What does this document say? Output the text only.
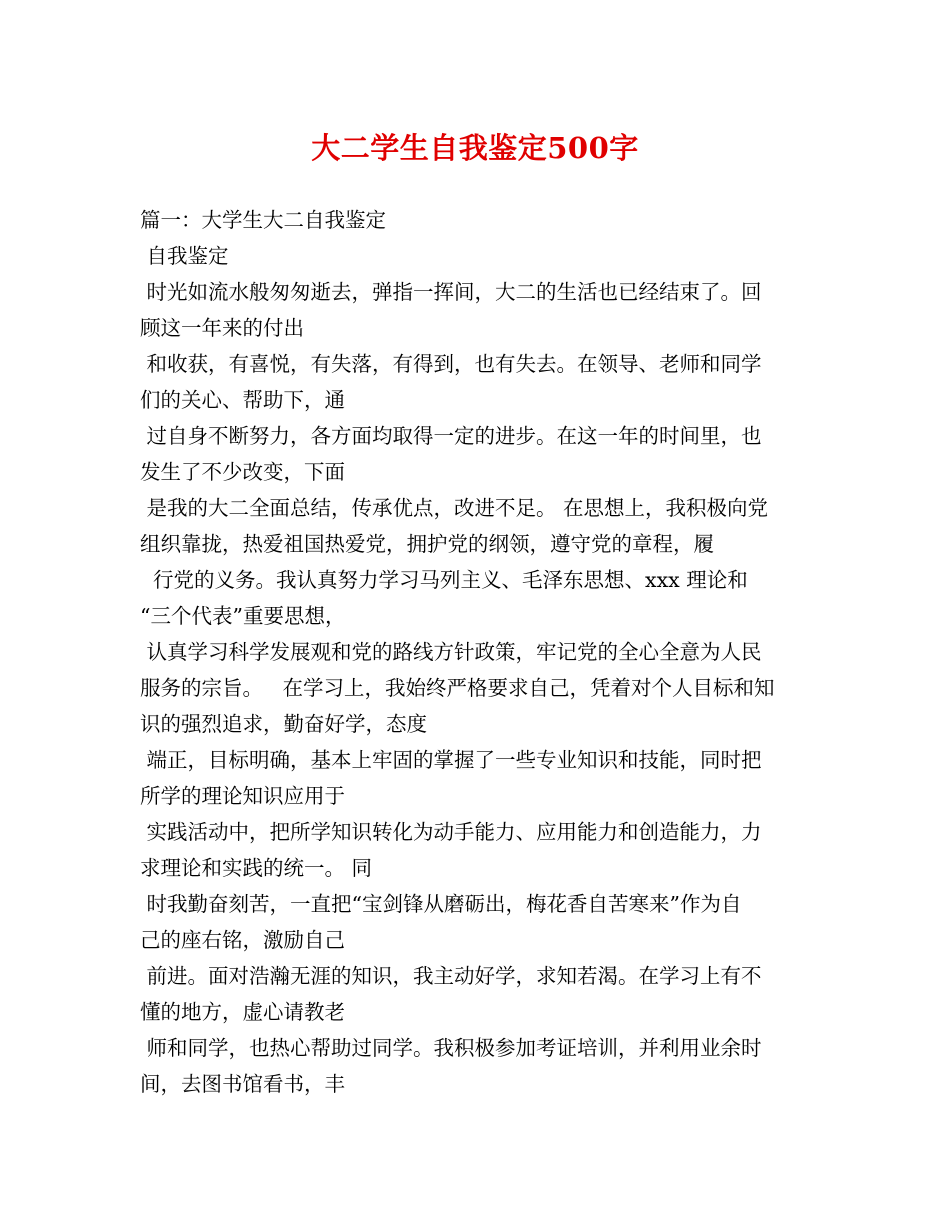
大二学生自我鉴定500字
篇一：大学生大二自我鉴定
自我鉴定
时光如流水般匆匆逝去，弹指一挥间，大二的生活也已经结束了。回
顾这一年来的付出
和收获，有喜悦，有失落，有得到，也有失去。在领导、老师和同学
们的关心、帮助下，通
过自身不断努力，各方面均取得一定的进步。在这一年的时间里，也
发生了不少改变，下面
是我的大二全面总结，传承优点，改进不足。 在思想上，我积极向党
组织靠拢，热爱祖国热爱党，拥护党的纲领，遵守党的章程，履
行党的义务。我认真努力学习马列主义、毛泽东思想、xxx 理论和
“三个代表”重要思想，
认真学习科学发展观和党的路线方针政策，牢记党的全心全意为人民
服务的宗旨。   在学习上，我始终严格要求自己，凭着对个人目标和知
识的强烈追求，勤奋好学，态度
端正，目标明确，基本上牢固的掌握了一些专业知识和技能，同时把
所学的理论知识应用于
实践活动中，把所学知识转化为动手能力、应用能力和创造能力，力
求理论和实践的统一。 同
时我勤奋刻苦，一直把“宝剑锋从磨砺出，梅花香自苦寒来”作为自
己的座右铭，激励自己
前进。面对浩瀚无涯的知识，我主动好学，求知若渴。在学习上有不
懂的地方，虚心请教老
师和同学，也热心帮助过同学。我积极参加考证培训，并利用业余时
间，去图书馆看书，丰
